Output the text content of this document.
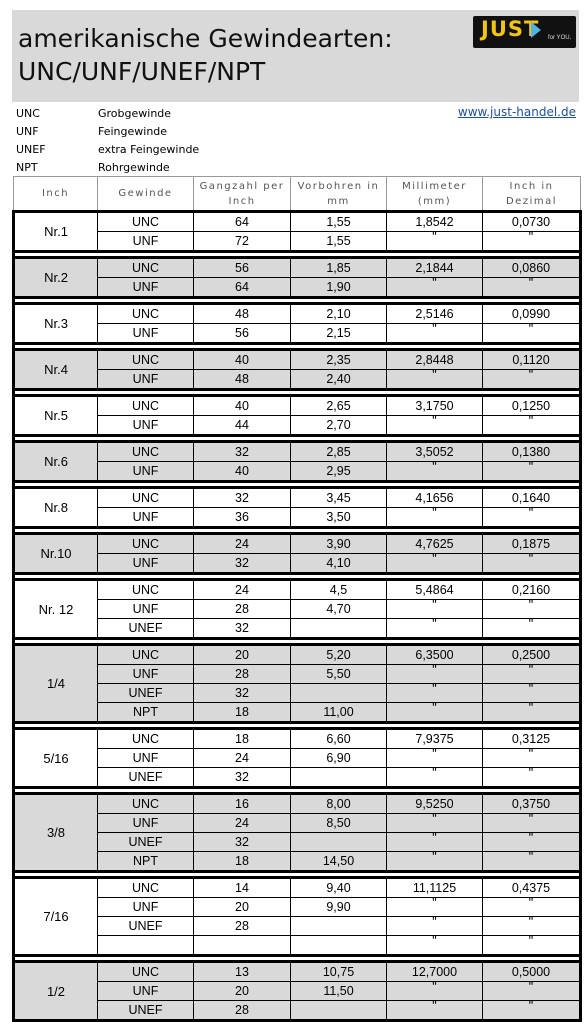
amerikanische Gewindearten:
UNC/UNF/UNEF/NPT
JUST for YOU.
UNC	Grobgewinde
UNF	Feingewinde
UNEF	extra Feingewinde
NPT	Rohrgewinde
www.just-handel.de
Inch	Gewinde	Gangzahl per Inch	Vorbohren in mm	Millimeter (mm)	Inch in Dezimal
Nr.1	UNC	64	1,55	1,8542	0,0730
	UNF	72	1,55	"	"

Nr.2	UNC	56	1,85	2,1844	0,0860
	UNF	64	1,90	"	"

Nr.3	UNC	48	2,10	2,5146	0,0990
	UNF	56	2,15	"	"

Nr.4	UNC	40	2,35	2,8448	0,1120
	UNF	48	2,40	"	"

Nr.5	UNC	40	2,65	3,1750	0,1250
	UNF	44	2,70	"	"

Nr.6	UNC	32	2,85	3,5052	0,1380
	UNF	40	2,95	"	"

Nr.8	UNC	32	3,45	4,1656	0,1640
	UNF	36	3,50	"	"

Nr.10	UNC	24	3,90	4,7625	0,1875
	UNF	32	4,10	"	"

Nr. 12	UNC	24	4,5	5,4864	0,2160
	UNF	28	4,70	"	"
	UNEF	32		"	"

1/4	UNC	20	5,20	6,3500	0,2500
	UNF	28	5,50	"	"
	UNEF	32		"	"
	NPT	18	11,00	"	"

5/16	UNC	18	6,60	7,9375	0,3125
	UNF	24	6,90	"	"
	UNEF	32		"	"

3/8	UNC	16	8,00	9,5250	0,3750
	UNF	24	8,50	"	"
	UNEF	32		"	"
	NPT	18	14,50	"	"

7/16	UNC	14	9,40	11,1125	0,4375
	UNF	20	9,90	"	"
	UNEF	28		"	"
				"	"

1/2	UNC	13	10,75	12,7000	0,5000
	UNF	20	11,50	"	"
	UNEF	28		"	"
